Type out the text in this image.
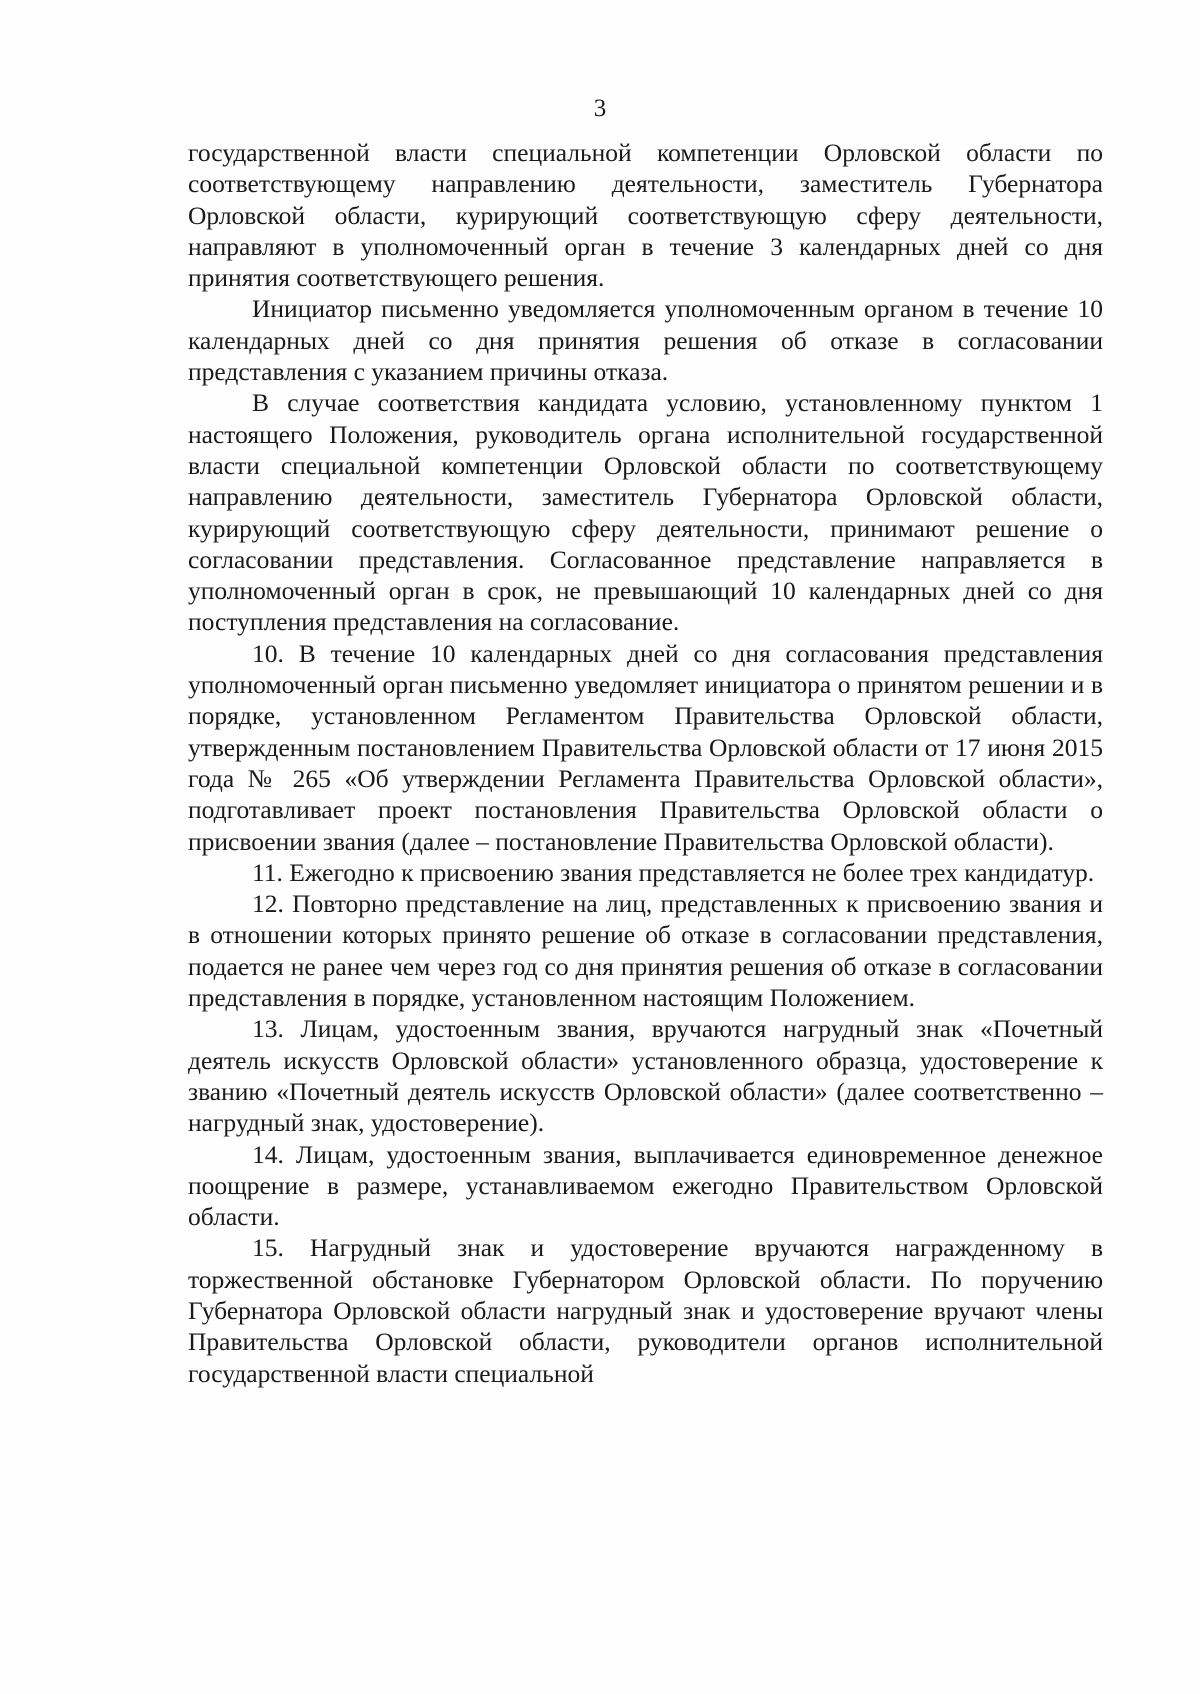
3

государственной власти специальной компетенции Орловской области по соответствующему направлению деятельности, заместитель Губернатора Орловской области, курирующий соответствующую сферу деятельности, направляют в уполномоченный орган в течение 3 календарных дней со дня принятия соответствующего решения.

Инициатор письменно уведомляется уполномоченным органом в течение 10 календарных дней со дня принятия решения об отказе в согласовании представления с указанием причины отказа.

В случае соответствия кандидата условию, установленному пунктом 1 настоящего Положения, руководитель органа исполнительной государственной власти специальной компетенции Орловской области по соответствующему направлению деятельности, заместитель Губернатора Орловской области, курирующий соответствующую сферу деятельности, принимают решение о согласовании представления. Согласованное представление направляется в уполномоченный орган в срок, не превышающий 10 календарных дней со дня поступления представления на согласование.

10. В течение 10 календарных дней со дня согласования представления уполномоченный орган письменно уведомляет инициатора о принятом решении и в порядке, установленном Регламентом Правительства Орловской области, утвержденным постановлением Правительства Орловской области от 17 июня 2015 года № 265 «Об утверждении Регламента Правительства Орловской области», подготавливает проект постановления Правительства Орловской области о присвоении звания (далее – постановление Правительства Орловской области).

11. Ежегодно к присвоению звания представляется не более трех кандидатур.

12. Повторно представление на лиц, представленных к присвоению звания и в отношении которых принято решение об отказе в согласовании представления, подается не ранее чем через год со дня принятия решения об отказе в согласовании представления в порядке, установленном настоящим Положением.

13. Лицам, удостоенным звания, вручаются нагрудный знак «Почетный деятель искусств Орловской области» установленного образца, удостоверение к званию «Почетный деятель искусств Орловской области» (далее соответственно – нагрудный знак, удостоверение).

14. Лицам, удостоенным звания, выплачивается единовременное денежное поощрение в размере, устанавливаемом ежегодно Правительством Орловской области.

15. Нагрудный знак и удостоверение вручаются награжденному в торжественной обстановке Губернатором Орловской области. По поручению Губернатора Орловской области нагрудный знак и удостоверение вручают члены Правительства Орловской области, руководители органов исполнительной государственной власти специальной
